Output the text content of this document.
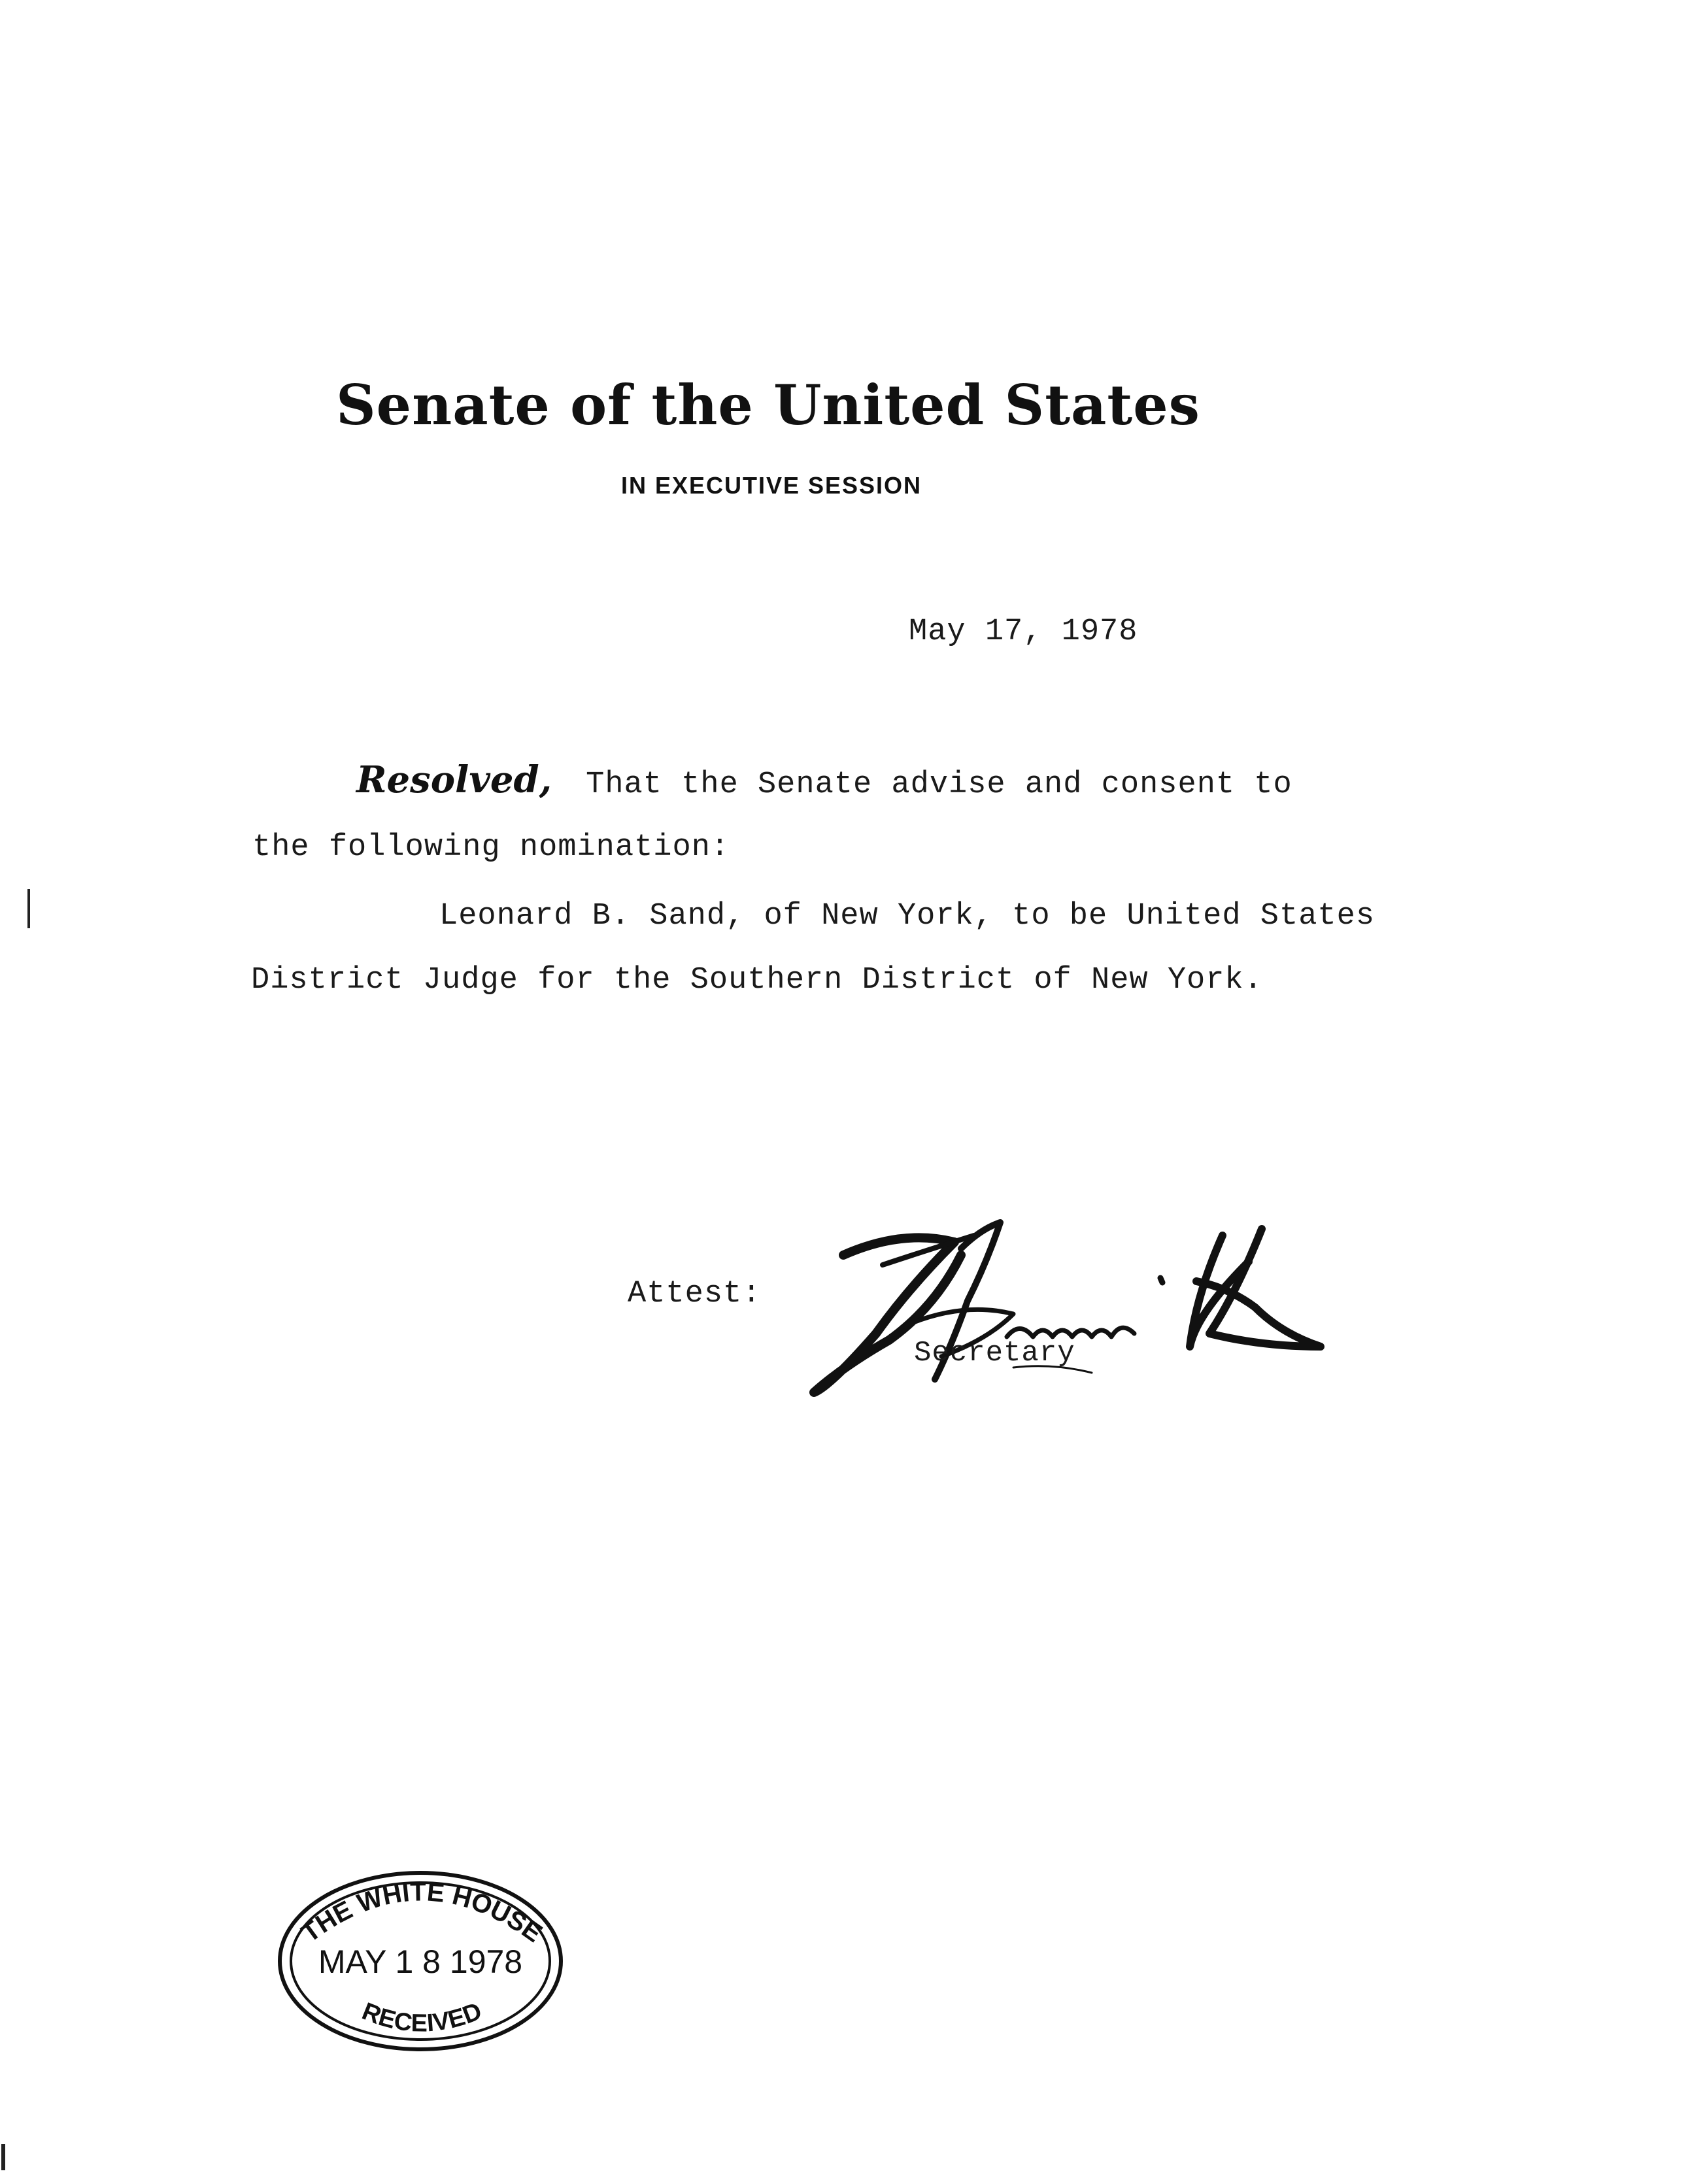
Senate of the United States
IN EXECUTIVE SESSION
May 17, 1978
Resolved, That the Senate advise and consent to
the following nomination:
Leonard B. Sand, of New York, to be United States
District Judge for the Southern District of New York.
Attest:
Secretary
THE WHITE HOUSE
MAY 1 8 1978
RECEIVED
